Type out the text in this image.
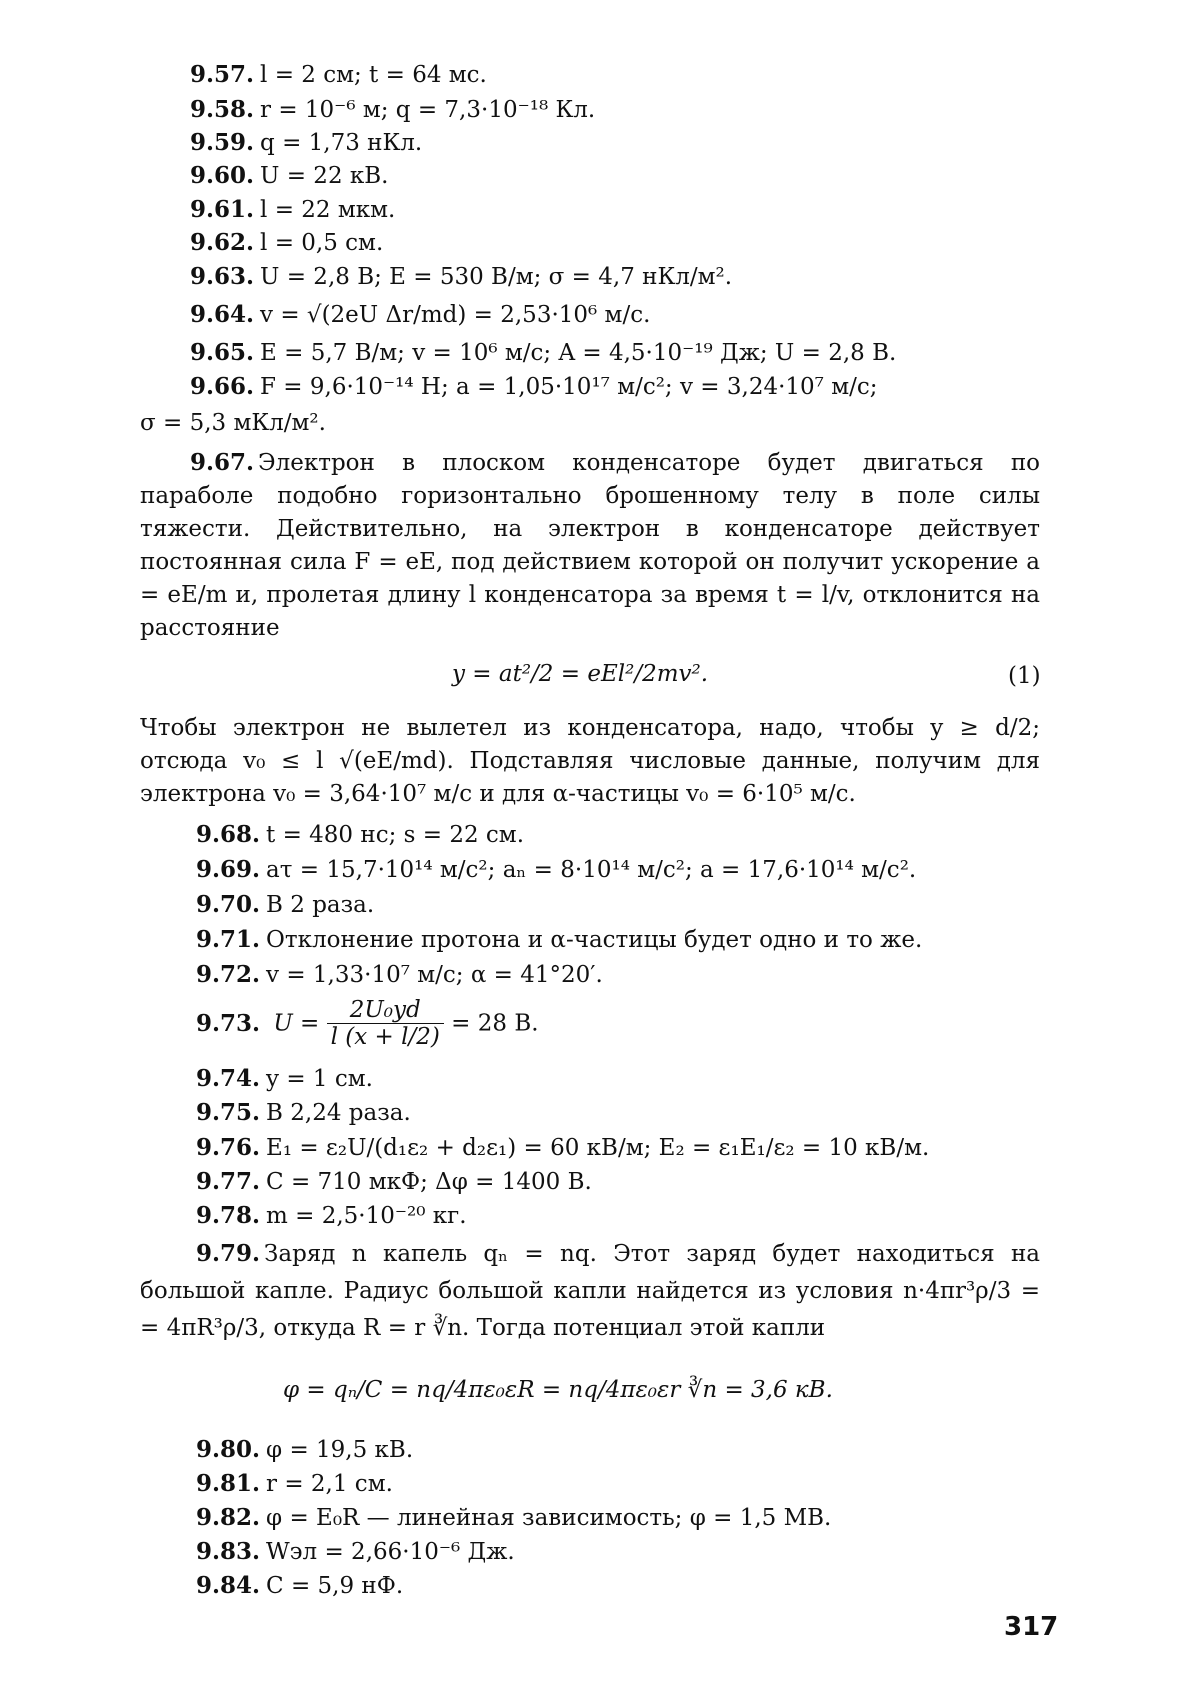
9.57. l = 2 см; t = 64 мс.
9.58. r = 10⁻⁶ м; q = 7,3·10⁻¹⁸ Кл.
9.59. q = 1,73 нКл.
9.60. U = 22 кВ.
9.61. l = 22 мкм.
9.62. l = 0,5 см.
9.63. U = 2,8 В; E = 530 В/м; σ = 4,7 нКл/м².
9.64. v = √(2eU Δr/md) = 2,53·10⁶ м/с.
9.65. E = 5,7 В/м; v = 10⁶ м/с; A = 4,5·10⁻¹⁹ Дж; U = 2,8 В.
9.66. F = 9,6·10⁻¹⁴ Н; a = 1,05·10¹⁷ м/с²; v = 3,24·10⁷ м/с;
σ = 5,3 мКл/м².
9.67. Электрон в плоском конденсаторе будет двигаться по параболе подобно горизонтально брошенному телу в поле силы тяжести. Действительно, на электрон в конденсаторе действует постоянная сила F = eE, под действием которой он получит ускорение a = eE/m и, пролетая длину l конденсатора за время t = l/v, отклонится на расстояние
y = at²/2 = eEl²/2mv².	(1)
Чтобы электрон не вылетел из конденсатора, надо, чтобы y ≥ d/2; отсюда v₀ ≤ l √(eE/md). Подставляя числовые данные, получим для электрона v₀ = 3,64·10⁷ м/с и для α-частицы v₀ = 6·10⁵ м/с.
9.68. t = 480 нс; s = 22 см.
9.69. aτ = 15,7·10¹⁴ м/с²; aₙ = 8·10¹⁴ м/с²; a = 17,6·10¹⁴ м/с².
9.70. В 2 раза.
9.71. Отклонение протона и α-частицы будет одно и то же.
9.72. v = 1,33·10⁷ м/с; α = 41°20′.
9.73. $U = \frac{\text{2U₀yd}}{l (x + l/2)} = 28$ В.
9.74. y = 1 см.
9.75. В 2,24 раза.
9.76. E₁ = ε₂U/(d₁ε₂ + d₂ε₁) = 60 кВ/м; E₂ = ε₁E₁/ε₂ = 10 кВ/м.
9.77. C = 710 мкФ; Δφ = 1400 В.
9.78. m = 2,5·10⁻²⁰ кг.
9.79. Заряд n капель qₙ = nq. Этот заряд будет находиться на большой капле. Радиус большой капли найдется из условия n·4πr³ρ/3 = = 4πR³ρ/3, откуда R = r ∛n. Тогда потенциал этой капли
φ = qₙ/C = nq/4πε₀εR = nq/4πε₀εr ∛n = 3,6 кВ.
9.80. φ = 19,5 кВ.
9.81. r = 2,1 см.
9.82. φ = E₀R — линейная зависимость; φ = 1,5 МВ.
9.83. Wэл = 2,66·10⁻⁶ Дж.
9.84. C = 5,9 нФ.
317
